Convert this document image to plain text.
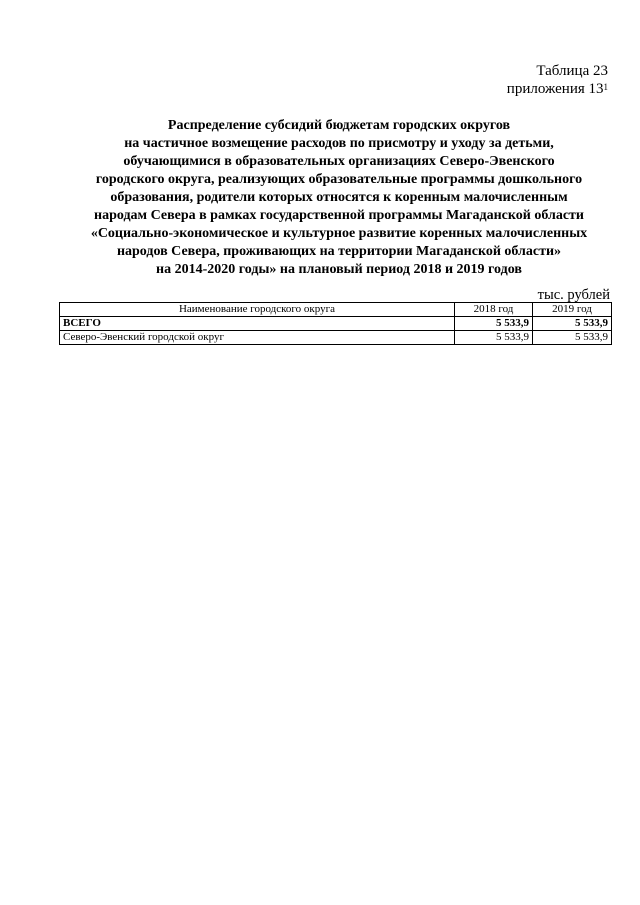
Таблица 23
приложения $13^1$
Распределение субсидий бюджетам городских округов
на частичное возмещение расходов по присмотру и уходу за детьми,
обучающимися в образовательных организациях Северо-Эвенского
городского округа, реализующих образовательные программы дошкольного
образования, родители которых относятся к коренным малочисленным
народам Севера в рамках государственной программы Магаданской области
«Социально-экономическое и культурное развитие коренных малочисленных
народов Севера, проживающих на территории Магаданской области»
на 2014-2020 годы» на плановый период 2018 и 2019 годов
тыс. рублей
Наименование городского округа	2018 год	2019 год
ВСЕГО	5 533,9	5 533,9
Северо-Эвенский городской округ	5 533,9	5 533,9
